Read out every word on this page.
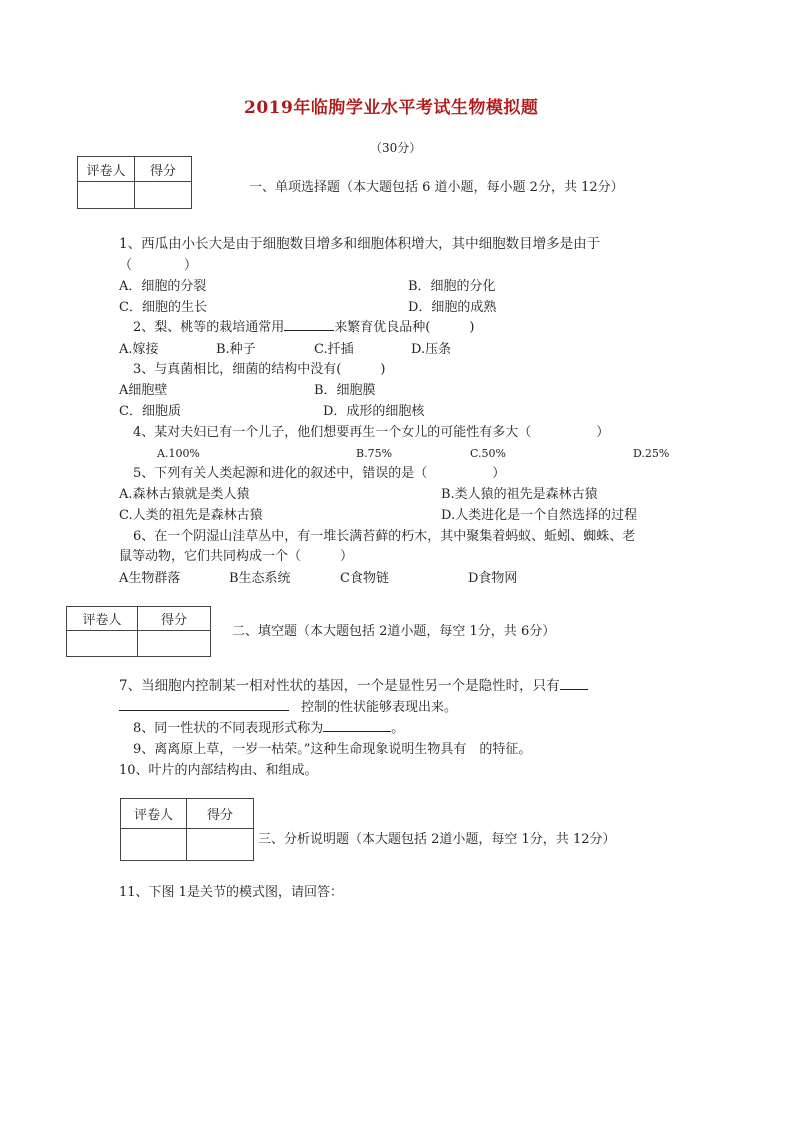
2019年临朐学业水平考试生物模拟题
（30分）
评卷人	得分

一、单项选择题（本大题包括 6 道小题，每小题 2分，共 12分）
1、西瓜由小长大是由于细胞数目增多和细胞体积增大，其中细胞数目增多是由于
（　　　　）
A．细胞的分裂	B．细胞的分化
C．细胞的生长	D．细胞的成熟
2、梨、桃等的栽培通常用	来繁育优良品种(　　　)
A.嫁接	B.种子	C.扦插	D.压条
3、与真菌相比，细菌的结构中没有(　　　)
A细胞壁	B．细胞膜
C．细胞质	D．成形的细胞核
4、某对夫妇已有一个儿子，他们想要再生一个女儿的可能性有多大（　　　　　）
A.100%	B.75%	C.50%	D.25%
5、下列有关人类起源和进化的叙述中，错误的是（　　　　　）
A.森林古猿就是类人猿	B.类人猿的祖先是森林古猿
C.人类的祖先是森林古猿	D.人类进化是一个自然选择的过程
6、在一个阴湿山洼草丛中，有一堆长满苔藓的朽木，其中聚集着蚂蚁、蚯蚓、蜘蛛、老
鼠等动物，它们共同构成一个（　　　）
A生物群落	B生态系统	C食物链	D食物网
评卷人	得分

二、填空题（本大题包括 2道小题，每空 1分，共 6分）
7、当细胞内控制某一相对性状的基因，一个是显性另一个是隐性时，只有
控制的性状能够表现出来。
8、同一性状的不同表现形式称为	。
9、离离原上草，一岁一枯荣。”这种生命现象说明生物具有　的特征。
10、叶片的内部结构由、和组成。
评卷人	得分

三、分析说明题（本大题包括 2道小题，每空 1分，共 12分）
11、下图 1是关节的模式图，请回答：
